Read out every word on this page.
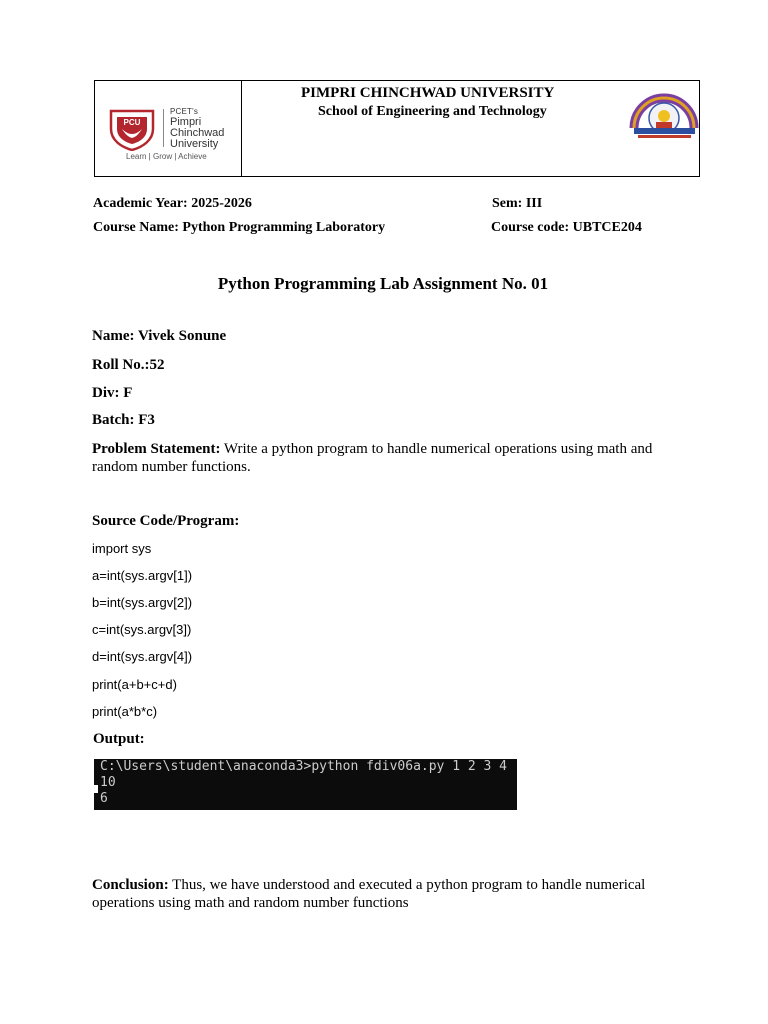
PCU
PCET's
Pimpri
Chinchwad
University
Learn | Grow | Achieve
PIMPRI CHINCHWAD UNIVERSITY
School of Engineering and Technology
Academic Year: 2025-2026	Sem: III
Course Name: Python Programming Laboratory	Course code: UBTCE204
Python Programming Lab Assignment No. 01
Name: Vivek Sonune
Roll No.:52
Div: F
Batch: F3
Problem Statement: Write a python program to handle numerical operations using math and random number functions.
Source Code/Program:
import sys
a=int(sys.argv[1])
b=int(sys.argv[2])
c=int(sys.argv[3])
d=int(sys.argv[4])
print(a+b+c+d)
print(a*b*c)
Output:
C:\Users\student\anaconda3>python fdiv06a.py 1 2 3 4
10
6
Conclusion: Thus, we have understood and executed a python program to handle numerical operations using math and random number functions
